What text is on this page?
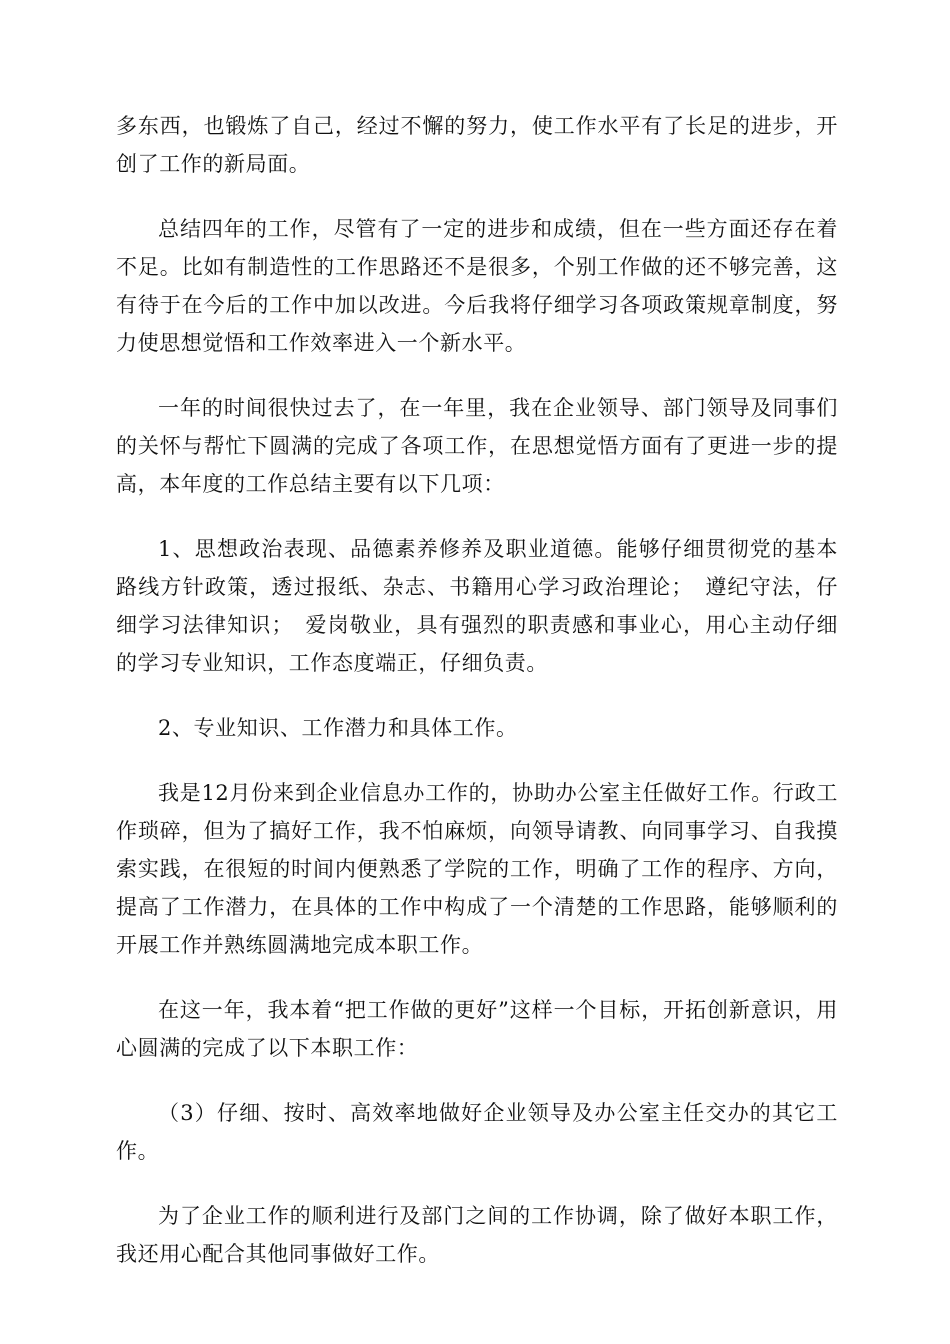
多东西，也锻炼了自己，经过不懈的努力，使工作水平有了长足的进步，开创了工作的新局面。

总结四年的工作，尽管有了一定的进步和成绩，但在一些方面还存在着不足。比如有制造性的工作思路还不是很多，个别工作做的还不够完善，这有待于在今后的工作中加以改进。今后我将仔细学习各项政策规章制度，努力使思想觉悟和工作效率进入一个新水平。

一年的时间很快过去了，在一年里，我在企业领导、部门领导及同事们的关怀与帮忙下圆满的完成了各项工作，在思想觉悟方面有了更进一步的提高，本年度的工作总结主要有以下几项：

1、思想政治表现、品德素养修养及职业道德。能够仔细贯彻党的基本路线方针政策，透过报纸、杂志、书籍用心学习政治理论；　遵纪守法，仔细学习法律知识；　爱岗敬业，具有强烈的职责感和事业心，用心主动仔细的学习专业知识，工作态度端正，仔细负责。

2、专业知识、工作潜力和具体工作。

我是12月份来到企业信息办工作的，协助办公室主任做好工作。行政工作琐碎，但为了搞好工作，我不怕麻烦，向领导请教、向同事学习、自我摸索实践，在很短的时间内便熟悉了学院的工作，明确了工作的程序、方向，提高了工作潜力，在具体的工作中构成了一个清楚的工作思路，能够顺利的开展工作并熟练圆满地完成本职工作。

在这一年，我本着“把工作做的更好”这样一个目标，开拓创新意识，用心圆满的完成了以下本职工作：

（3）仔细、按时、高效率地做好企业领导及办公室主任交办的其它工作。

为了企业工作的顺利进行及部门之间的工作协调，除了做好本职工作，我还用心配合其他同事做好工作。
